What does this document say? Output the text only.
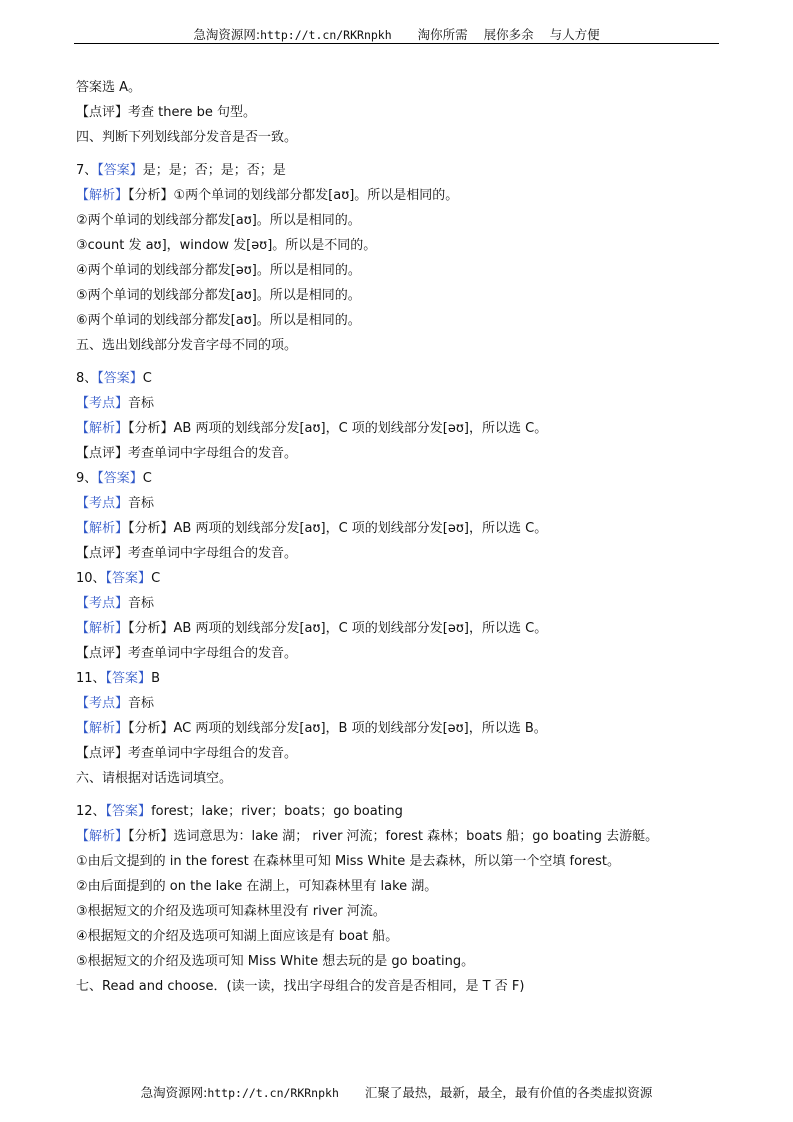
急淘资源网:http://t.cn/RKRnpkh 淘你所需 展你多余 与人方便
答案选 A。
【点评】考查 there be 句型。
四、判断下列划线部分发音是否一致。
7、【答案】是；是；否；是；否；是
【解析】【分析】①两个单词的划线部分都发[aʊ]。所以是相同的。
②两个单词的划线部分都发[aʊ]。所以是相同的。
③count 发 aʊ]，window 发[əʊ]。所以是不同的。
④两个单词的划线部分都发[əʊ]。所以是相同的。
⑤两个单词的划线部分都发[aʊ]。所以是相同的。
⑥两个单词的划线部分都发[aʊ]。所以是相同的。
五、选出划线部分发音字母不同的项。
8、【答案】C
【考点】音标
【解析】【分析】AB 两项的划线部分发[aʊ]，C 项的划线部分发[əʊ]，所以选 C。
【点评】考查单词中字母组合的发音。
9、【答案】C
【考点】音标
【解析】【分析】AB 两项的划线部分发[aʊ]，C 项的划线部分发[əʊ]，所以选 C。
【点评】考查单词中字母组合的发音。
10、【答案】C
【考点】音标
【解析】【分析】AB 两项的划线部分发[aʊ]，C 项的划线部分发[əʊ]，所以选 C。
【点评】考查单词中字母组合的发音。
11、【答案】B
【考点】音标
【解析】【分析】AC 两项的划线部分发[aʊ]，B 项的划线部分发[əʊ]，所以选 B。
【点评】考查单词中字母组合的发音。
六、请根据对话选词填空。
12、【答案】forest；lake；river；boats；go boating
【解析】【分析】选词意思为：lake 湖； river 河流；forest 森林；boats 船；go boating 去游艇。
①由后文提到的 in the forest 在森林里可知 Miss White 是去森林，所以第一个空填 forest。
②由后面提到的 on the lake 在湖上，可知森林里有 lake 湖。
③根据短文的介绍及选项可知森林里没有 river 河流。
④根据短文的介绍及选项可知湖上面应该是有 boat 船。
⑤根据短文的介绍及选项可知 Miss White 想去玩的是 go boating。
七、Read and choose．(读一读，找出字母组合的发音是否相同，是 T 否 F)
急淘资源网:http://t.cn/RKRnpkh 汇聚了最热，最新，最全，最有价值的各类虚拟资源
